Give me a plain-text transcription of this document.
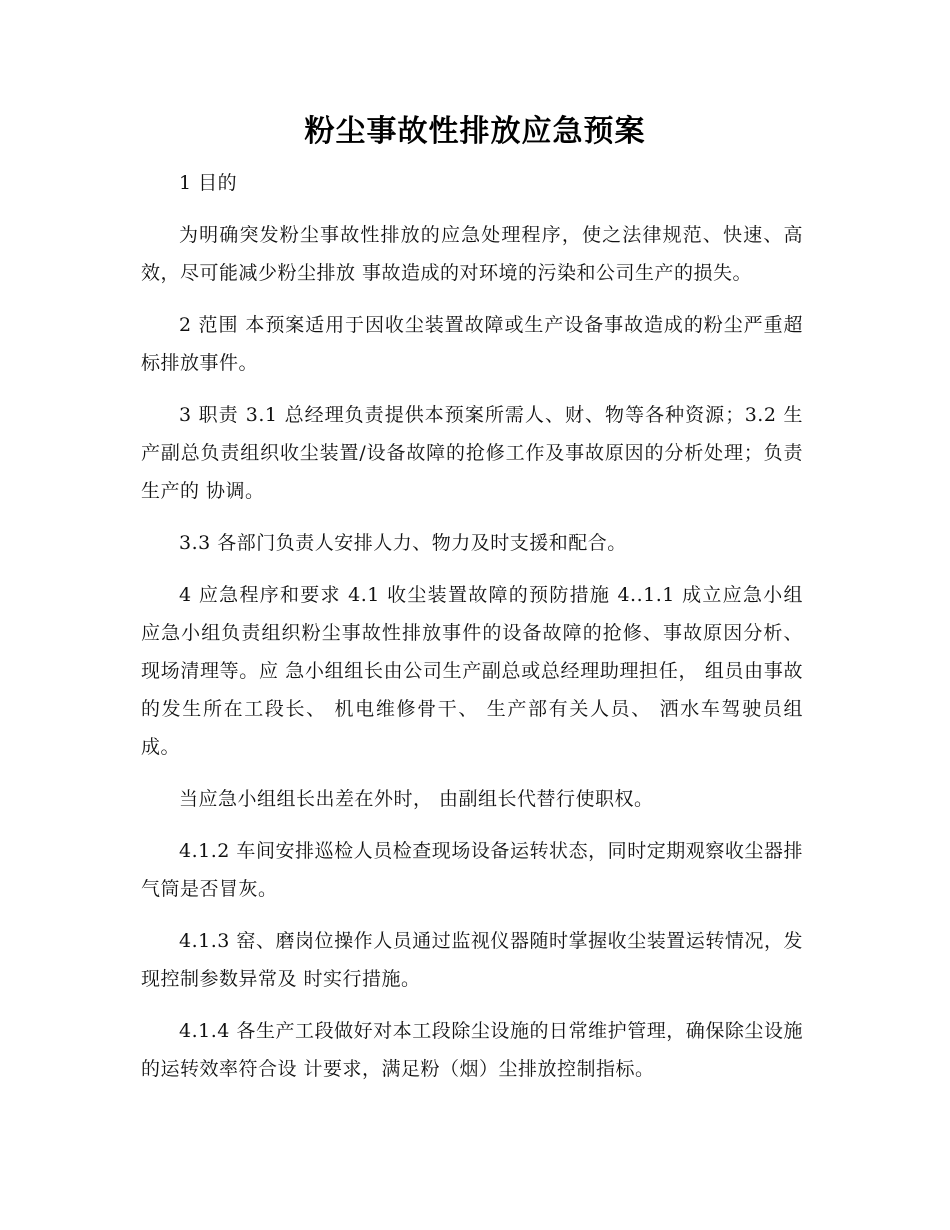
粉尘事故性排放应急预案

1 目的

为明确突发粉尘事故性排放的应急处理程序，使之法律规范、快速、高效，尽可能减少粉尘排放 事故造成的对环境的污染和公司生产的损失。

2 范围 本预案适用于因收尘装置故障或生产设备事故造成的粉尘严重超标排放事件。

3 职责 3.1 总经理负责提供本预案所需人、财、物等各种资源；3.2 生产副总负责组织收尘装置/设备故障的抢修工作及事故原因的分析处理；负责生产的 协调。

3.3 各部门负责人安排人力、物力及时支援和配合。

4 应急程序和要求 4.1 收尘装置故障的预防措施 4..1.1 成立应急小组 应急小组负责组织粉尘事故性排放事件的设备故障的抢修、事故原因分析、现场清理等。应 急小组组长由公司生产副总或总经理助理担任， 组员由事故的发生所在工段长、 机电维修骨干、 生产部有关人员、 洒水车驾驶员组成。

当应急小组组长出差在外时， 由副组长代替行使职权。

4.1.2 车间安排巡检人员检查现场设备运转状态，同时定期观察收尘器排气筒是否冒灰。

4.1.3 窑、磨岗位操作人员通过监视仪器随时掌握收尘装置运转情况，发现控制参数异常及 时实行措施。

4.1.4 各生产工段做好对本工段除尘设施的日常维护管理，确保除尘设施的运转效率符合设 计要求，满足粉（烟）尘排放控制指标。
